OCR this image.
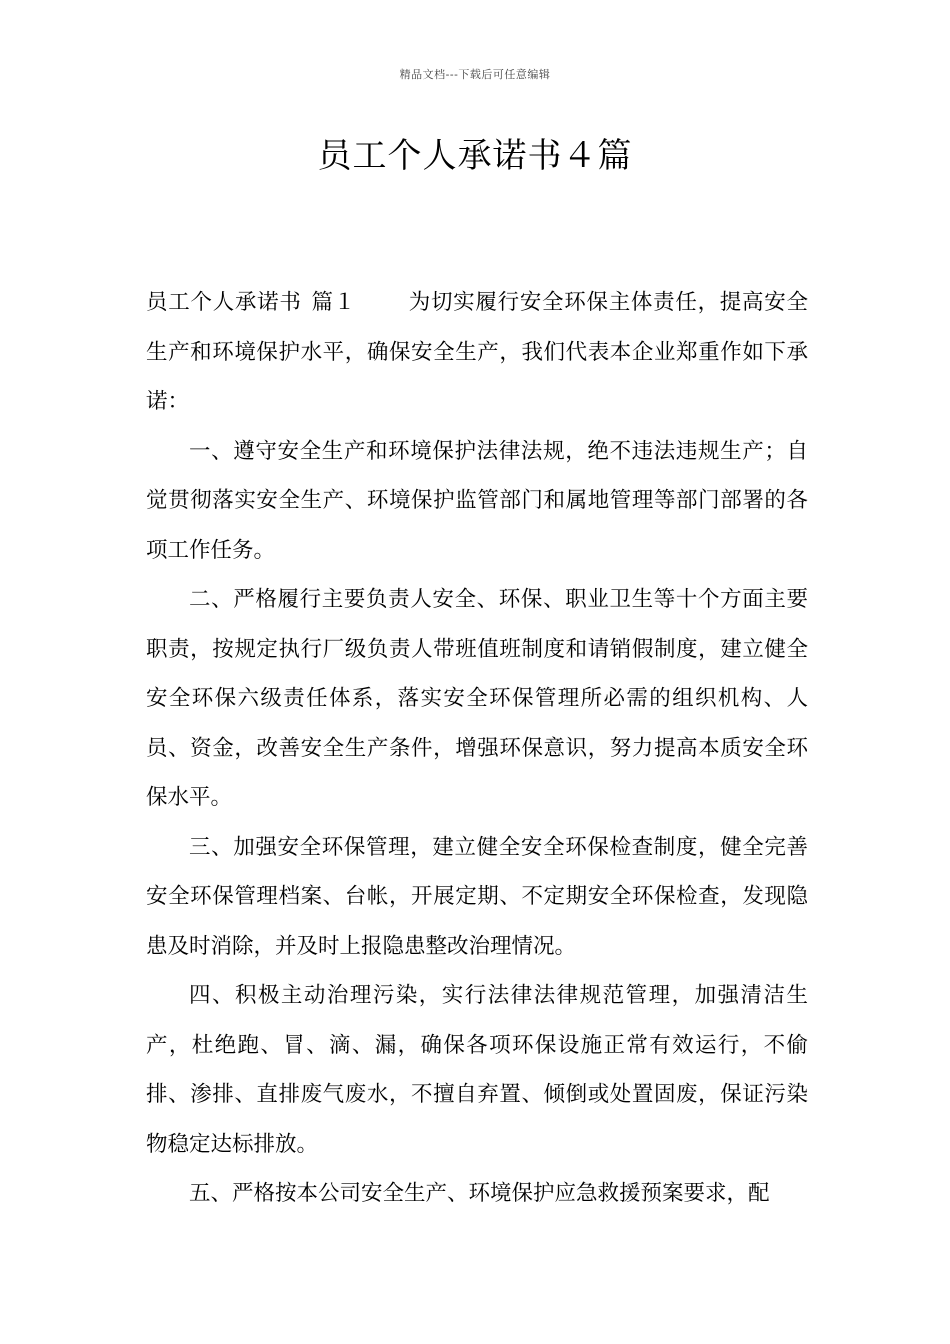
精品文档---下载后可任意编辑
员工个人承诺书４篇

员工个人承诺书 篇１ 为切实履行安全环保主体责任，提高安全生产和环境保护水平，确保安全生产，我们代表本企业郑重作如下承诺：

一、遵守安全生产和环境保护法律法规，绝不违法违规生产；自觉贯彻落实安全生产、环境保护监管部门和属地管理等部门部署的各项工作任务。

二、严格履行主要负责人安全、环保、职业卫生等十个方面主要职责，按规定执行厂级负责人带班值班制度和请销假制度，建立健全安全环保六级责任体系，落实安全环保管理所必需的组织机构、人员、资金，改善安全生产条件，增强环保意识，努力提高本质安全环保水平。

三、加强安全环保管理，建立健全安全环保检查制度，健全完善安全环保管理档案、台帐，开展定期、不定期安全环保检查，发现隐患及时消除，并及时上报隐患整改治理情况。

四、积极主动治理污染，实行法律法律规范管理，加强清洁生产，杜绝跑、冒、滴、漏，确保各项环保设施正常有效运行，不偷排、渗排、直排废气废水，不擅自弃置、倾倒或处置固废，保证污染物稳定达标排放。

五、严格按本公司安全生产、环境保护应急救援预案要求，配
